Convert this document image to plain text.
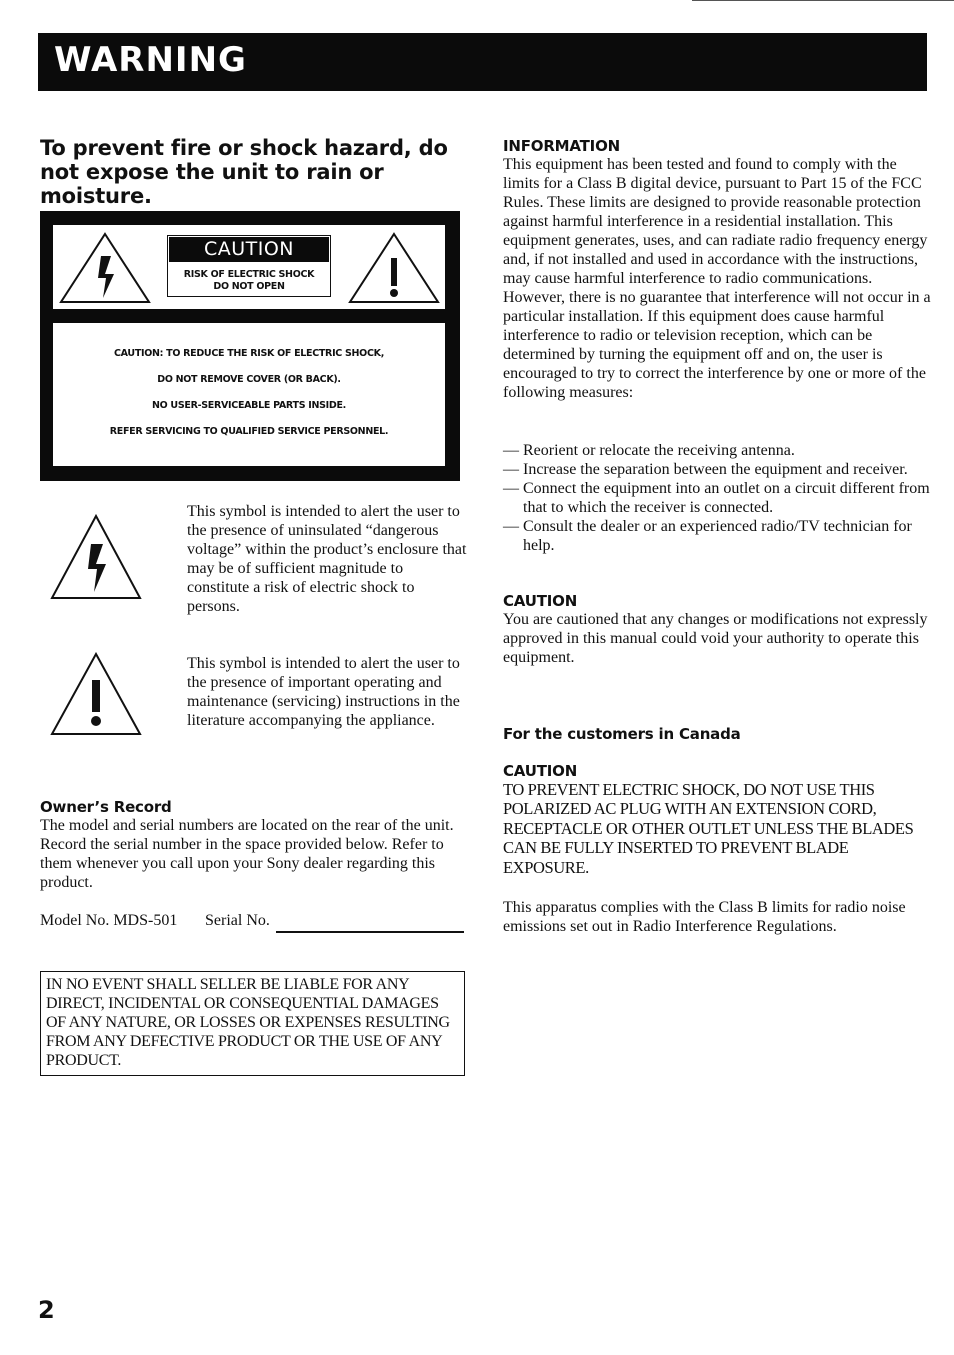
WARNING
To prevent fire or shock hazard, do not expose the unit to rain or moisture.
CAUTION
RISK OF ELECTRIC SHOCK
DO NOT OPEN

CAUTION: TO REDUCE THE RISK OF ELECTRIC SHOCK,

DO NOT REMOVE COVER (OR BACK).

NO USER-SERVICEABLE PARTS INSIDE.

REFER SERVICING TO QUALIFIED SERVICE PERSONNEL.

This symbol is intended to alert the user to the presence of uninsulated “dangerous voltage” within the product’s enclosure that may be of sufficient magnitude to constitute a risk of electric shock to persons.
This symbol is intended to alert the user to the presence of important operating and maintenance (servicing) instructions in the literature accompanying the appliance.
Owner’s Record

The model and serial numbers are located on the rear of the unit. Record the serial number in the space provided below. Refer to them whenever you call upon your Sony dealer regarding this product.

Model No. MDS-501 Serial No.
IN NO EVENT SHALL SELLER BE LIABLE FOR ANY DIRECT, INCIDENTAL OR CONSEQUENTIAL DAMAGES OF ANY NATURE, OR LOSSES OR EXPENSES RESULTING FROM ANY DEFECTIVE PRODUCT OR THE USE OF ANY PRODUCT.
INFORMATION

This equipment has been tested and found to comply with the limits for a Class B digital device, pursuant to Part 15 of the FCC Rules. These limits are designed to provide reasonable protection against harmful interference in a residential installation. This equipment generates, uses, and can radiate radio frequency energy and, if not installed and used in accordance with the instructions, may cause harmful interference to radio communications. However, there is no guarantee that interference will not occur in a particular installation. If this equipment does cause harmful interference to radio or television reception, which can be determined by turning the equipment off and on, the user is encouraged to try to correct the interference by one or more of the following measures:

— Reorient or relocate the receiving antenna.
— Increase the separation between the equipment and receiver.
— Connect the equipment into an outlet on a circuit different from that to which the receiver is connected.
— Consult the dealer or an experienced radio/TV technician for help.
CAUTION

You are cautioned that any changes or modifications not expressly approved in this manual could void your authority to operate this equipment.

For the customers in Canada
CAUTION

TO PREVENT ELECTRIC SHOCK, DO NOT USE THIS POLARIZED AC PLUG WITH AN EXTENSION CORD, RECEPTACLE OR OTHER OUTLET UNLESS THE BLADES CAN BE FULLY INSERTED TO PREVENT BLADE EXPOSURE.

This apparatus complies with the Class B limits for radio noise emissions set out in Radio Interference Regulations.

2
